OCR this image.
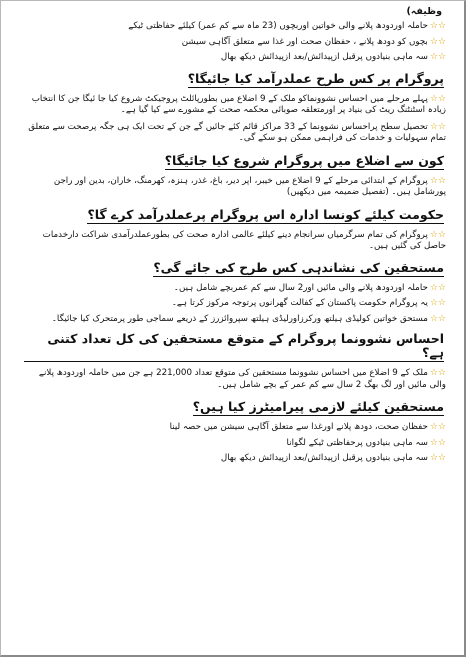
وظیفہ)
☆☆حاملہ اوردودھ پلانے والی خواتین اوربچوں (23 ماہ سے کم عمر) کیلئے حفاظتی ٹیکے
☆☆بچوں کو دودھ پلانے ، حفظان صحت اور غذا سے متعلق آگاہی سیشن
☆☆سہ ماہی بنیادوں پرقبل ازپیدائش/بعد ازپیدائش دیکھ بھال
پروگرام پر کس طرح عملدرآمد کیا جائیگا؟
☆☆پہلے مرحلے میں احساس نشوونماکو ملک کے 9 اضلاع میں بطورپائلٹ پروجیکٹ شروع کیا جا ئیگا جن کا انتخاب زیادہ اسٹنٹنگ ریٹ کی بنیاد پر اورمتعلقہ صوبائی محکمہ صحت کے مشورے سے کیا گیا ہے۔
☆☆تحصیل سطح پراحساس نشوونما کے 33 مراکز قائم کئے جائیں گے جن کے تحت ایک ہی جگہ پرصحت سے متعلق تمام سہولیات و خدمات کی فراہمی ممکن ہو سکے گی۔
کون سے اضلاع میں پروگرام شروع کیا جائیگا؟
☆☆پروگرام کے ابتدائی مرحلے کے 9 اضلاع میں خیبر، اپر دیر، باغ، غذر، ہنزہ، کھرمنگ، خاران، بدین اور راجن پورشامل ہیں۔ (تفصیل ضمیمہ میں دیکھیں)
حکومت کیلئے کونسا ادارہ اس پروگرام پرعملدرآمد کرے گا؟
☆☆پروگرام کی تمام سرگرمیاں سرانجام دینے کیلئے عالمی ادارہ صحت کی بطورعملدرآمدی شراکت دارخدمات حاصل کی گئیں ہیں۔
مستحقین کی نشاندہی کس طرح کی جائے گی؟
☆☆حاملہ اوردودھ پلانے والی مائیں اور2 سال سے کم عمربچے شامل ہیں۔
☆☆یہ پروگرام حکومت پاکستان کے کفالت گھرانوں پرتوجہ مرکوز کرتا ہے۔
☆☆مستحق خواتین کولیڈی ہیلتھ ورکرزاورلیڈی ہیلتھ سپروائزرز کے ذریعے سماجی طور پرمتحرک کیا جائیگا۔
احساس نشوونما پروگرام کے متوقع مستحقین کی کل تعداد کتنی ہے؟
☆☆ملک کے 9 اضلاع میں احساس نشوونما مستحقین کی متوقع تعداد 221,000 ہے جن میں حاملہ اوردودھ پلانے والی مائیں اور لگ بھگ 2 سال سے کم عمر کے بچے شامل ہیں۔
مستحقین کیلئے لازمی پیرامیٹرز کیا ہیں؟
☆☆حفظان صحت، دودھ پلانے اورغذا سے متعلق آگاہی سیشن میں حصہ لینا
☆☆سہ ماہی بنیادوں پرحفاظتی ٹیکے لگوانا
☆☆سہ ماہی بنیادوں پرقبل ازپیدائش/بعد ازپیدائش دیکھ بھال
